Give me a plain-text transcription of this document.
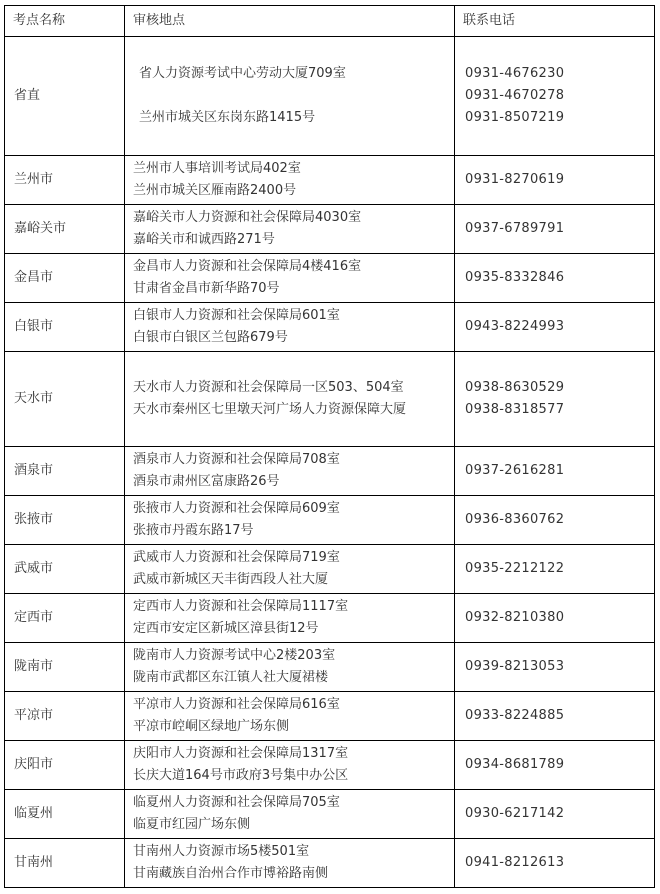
考点名称	审核地点	联系电话
省直	省人力资源考试中心劳动大厦709室
兰州市城关区东岗东路1415号	0931-4676230
0931-4670278
0931-8507219

兰州市	兰州市人事培训考试局402室
兰州市城关区雁南路2400号	0931-8270619

嘉峪关市	嘉峪关市人力资源和社会保障局4030室
嘉峪关市和诚西路271号	0937-6789791

金昌市	金昌市人力资源和社会保障局4楼416室
甘肃省金昌市新华路70号	0935-8332846

白银市	白银市人力资源和社会保障局601室
白银市白银区兰包路679号	0943-8224993

天水市	天水市人力资源和社会保障局一区503、504室
天水市秦州区七里墩天河广场人力资源保障大厦	0938-8630529
0938-8318577

酒泉市	酒泉市人力资源和社会保障局708室
酒泉市肃州区富康路26号	0937-2616281

张掖市	张掖市人力资源和社会保障局609室
张掖市丹霞东路17号	0936-8360762

武威市	武威市人力资源和社会保障局719室
武威市新城区天丰街西段人社大厦	0935-2212122

定西市	定西市人力资源和社会保障局1117室
定西市安定区新城区漳县街12号	0932-8210380

陇南市	陇南市人力资源考试中心2楼203室
陇南市武都区东江镇人社大厦裙楼	0939-8213053

平凉市	平凉市人力资源和社会保障局616室
平凉市崆峒区绿地广场东侧	0933-8224885

庆阳市	庆阳市人力资源和社会保障局1317室
长庆大道164号市政府3号集中办公区	0934-8681789

临夏州	临夏州人力资源和社会保障局705室
临夏市红园广场东侧	0930-6217142

甘南州	甘南州人力资源市场5楼501室
甘南藏族自治州合作市博裕路南侧	0941-8212613
